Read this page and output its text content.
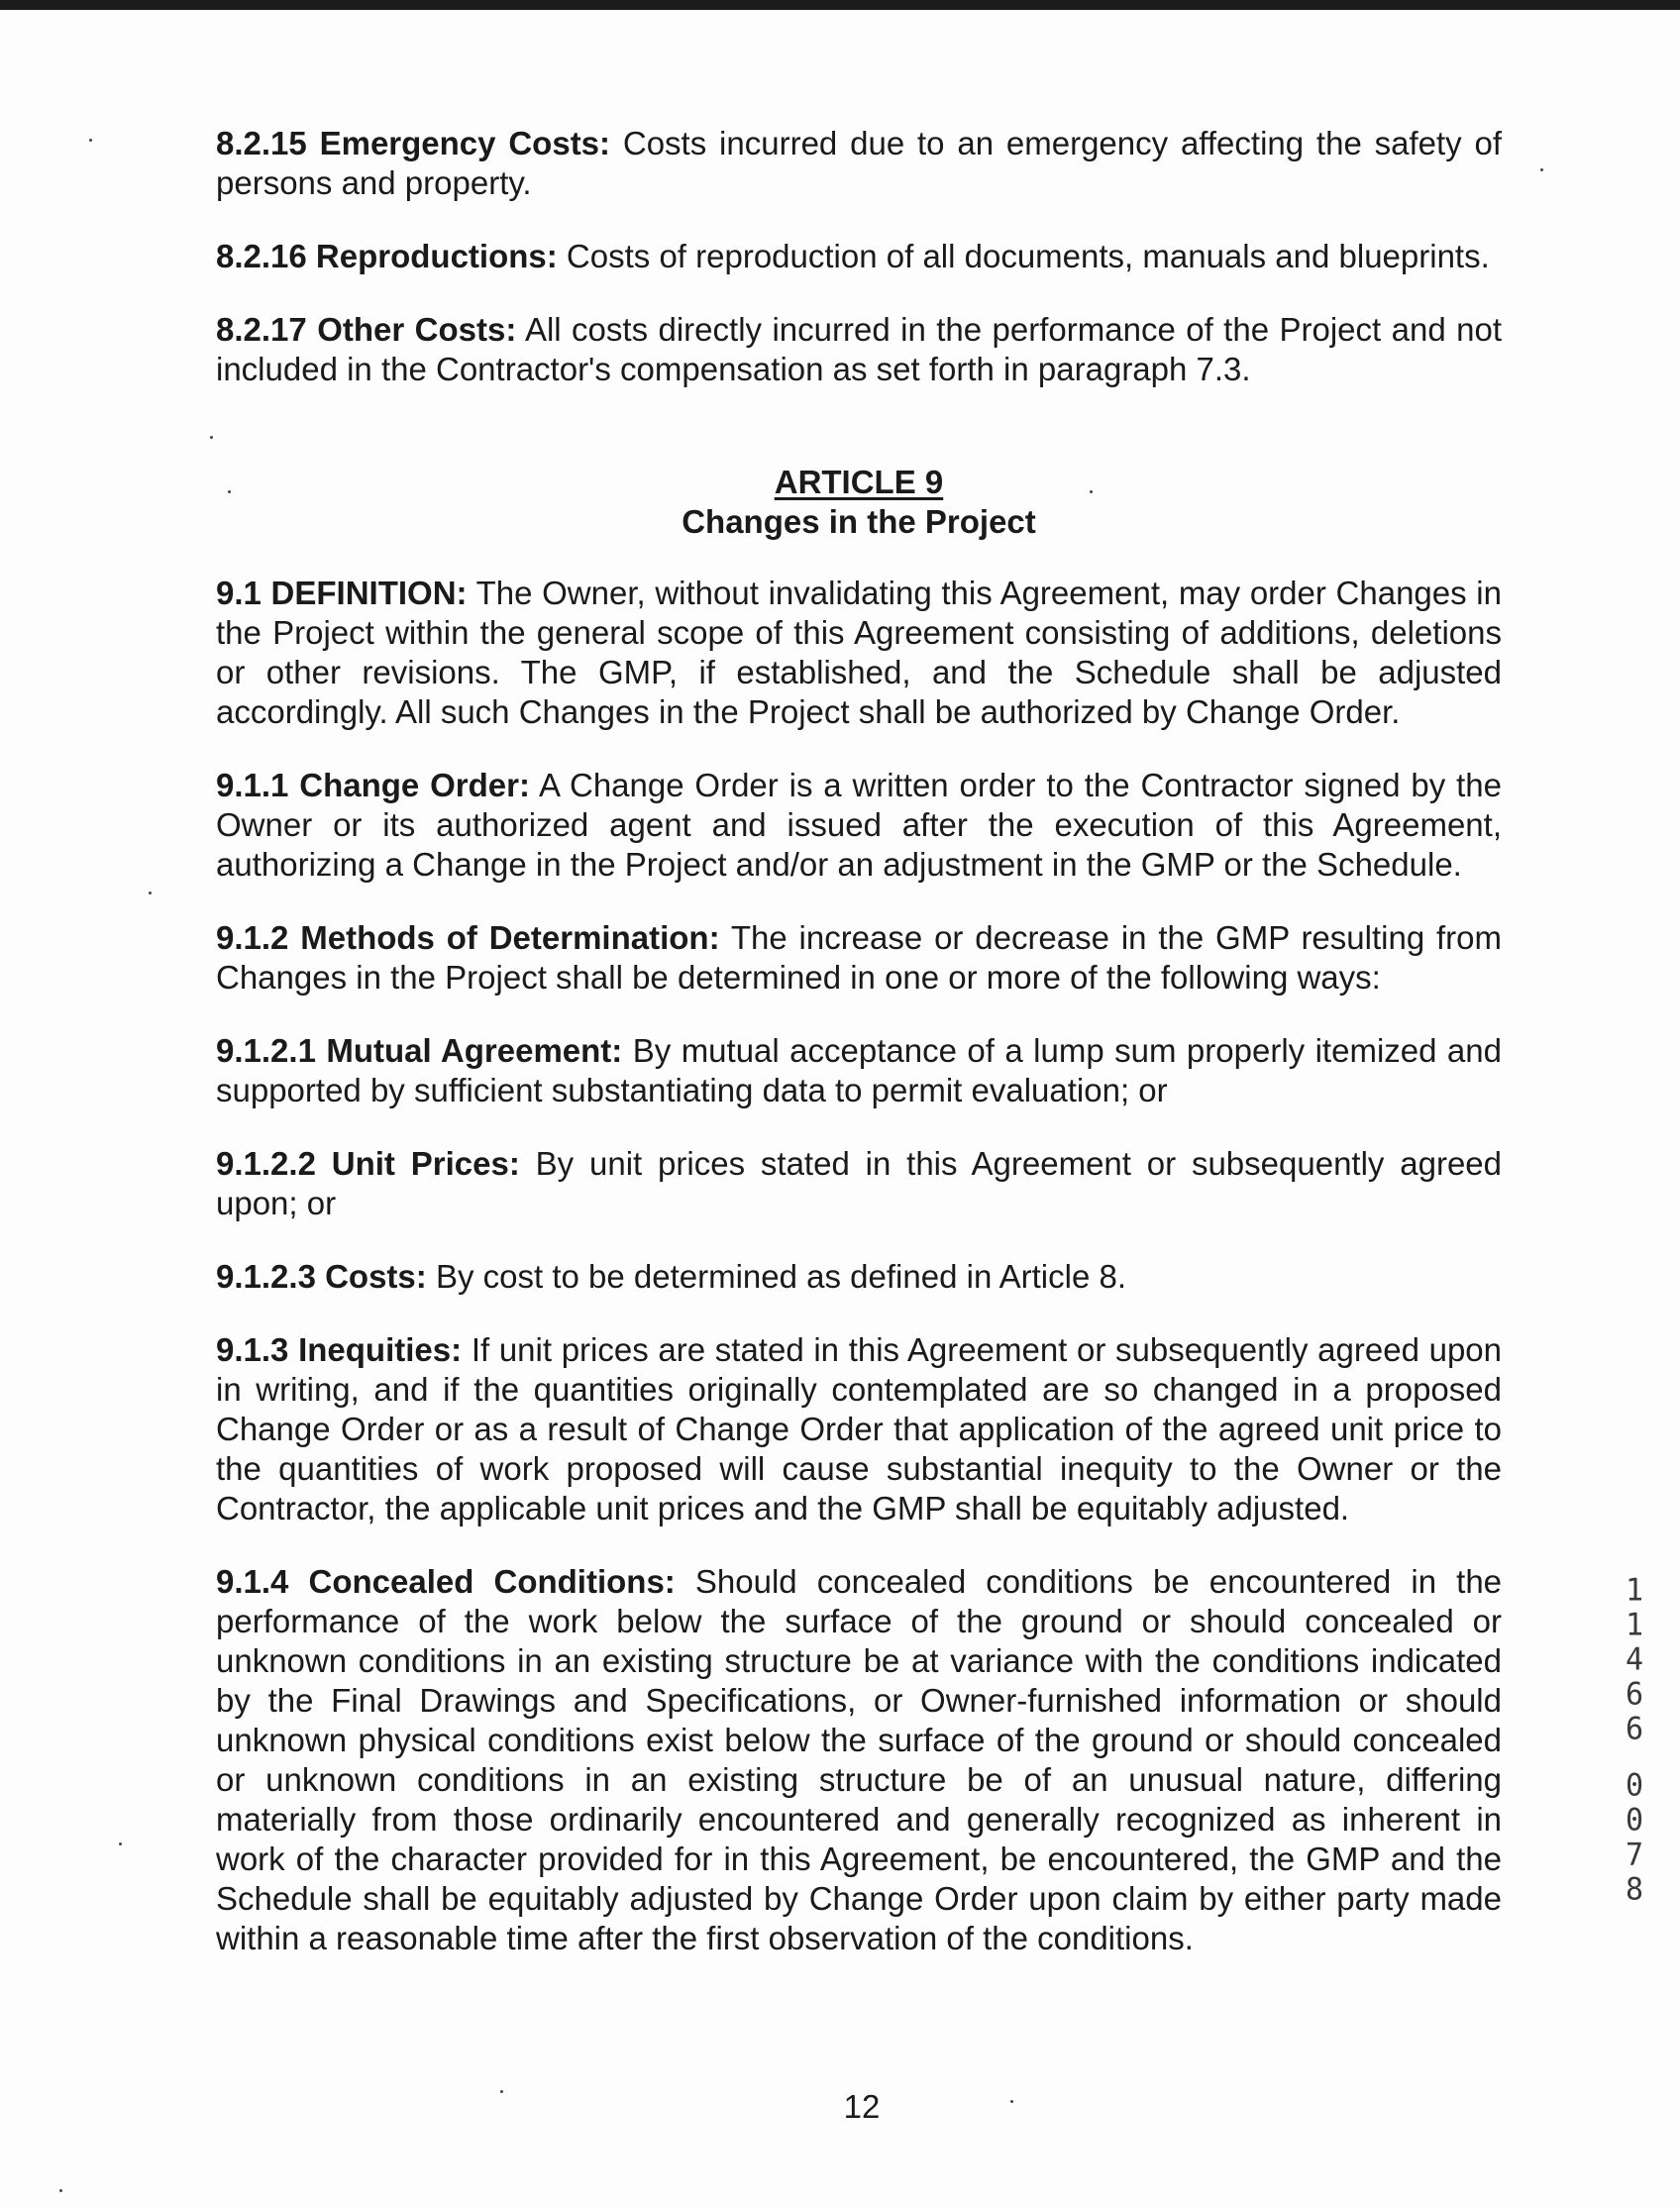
8.2.15 Emergency Costs: Costs incurred due to an emergency affecting the safety of persons and property.

8.2.16 Reproductions: Costs of reproduction of all documents, manuals and blueprints.

8.2.17 Other Costs: All costs directly incurred in the performance of the Project and not included in the Contractor's compensation as set forth in paragraph 7.3.

ARTICLE 9
Changes in the Project

9.1 DEFINITION: The Owner, without invalidating this Agreement, may order Changes in the Project within the general scope of this Agreement consisting of additions, deletions or other revisions. The GMP, if established, and the Schedule shall be adjusted accordingly. All such Changes in the Project shall be authorized by Change Order.

9.1.1 Change Order: A Change Order is a written order to the Contractor signed by the Owner or its authorized agent and issued after the execution of this Agreement, authorizing a Change in the Project and/or an adjustment in the GMP or the Schedule.

9.1.2 Methods of Determination: The increase or decrease in the GMP resulting from Changes in the Project shall be determined in one or more of the following ways:

9.1.2.1 Mutual Agreement: By mutual acceptance of a lump sum properly itemized and supported by sufficient substantiating data to permit evaluation; or

9.1.2.2 Unit Prices: By unit prices stated in this Agreement or subsequently agreed upon; or

9.1.2.3 Costs: By cost to be determined as defined in Article 8.

9.1.3 Inequities: If unit prices are stated in this Agreement or subsequently agreed upon in writing, and if the quantities originally contemplated are so changed in a proposed Change Order or as a result of Change Order that application of the agreed unit price to the quantities of work proposed will cause substantial inequity to the Owner or the Contractor, the applicable unit prices and the GMP shall be equitably adjusted.

9.1.4 Concealed Conditions: Should concealed conditions be encountered in the performance of the work below the surface of the ground or should concealed or unknown conditions in an existing structure be at variance with the conditions indicated by the Final Drawings and Specifications, or Owner-furnished information or should unknown physical conditions exist below the surface of the ground or should concealed or unknown conditions in an existing structure be of an unusual nature, differing materially from those ordinarily encountered and generally recognized as inherent in work of the character provided for in this Agreement, be encountered, the GMP and the Schedule shall be equitably adjusted by Change Order upon claim by either party made within a reasonable time after the first observation of the conditions.

12
1
1
4
6
6
0
0
7
8
